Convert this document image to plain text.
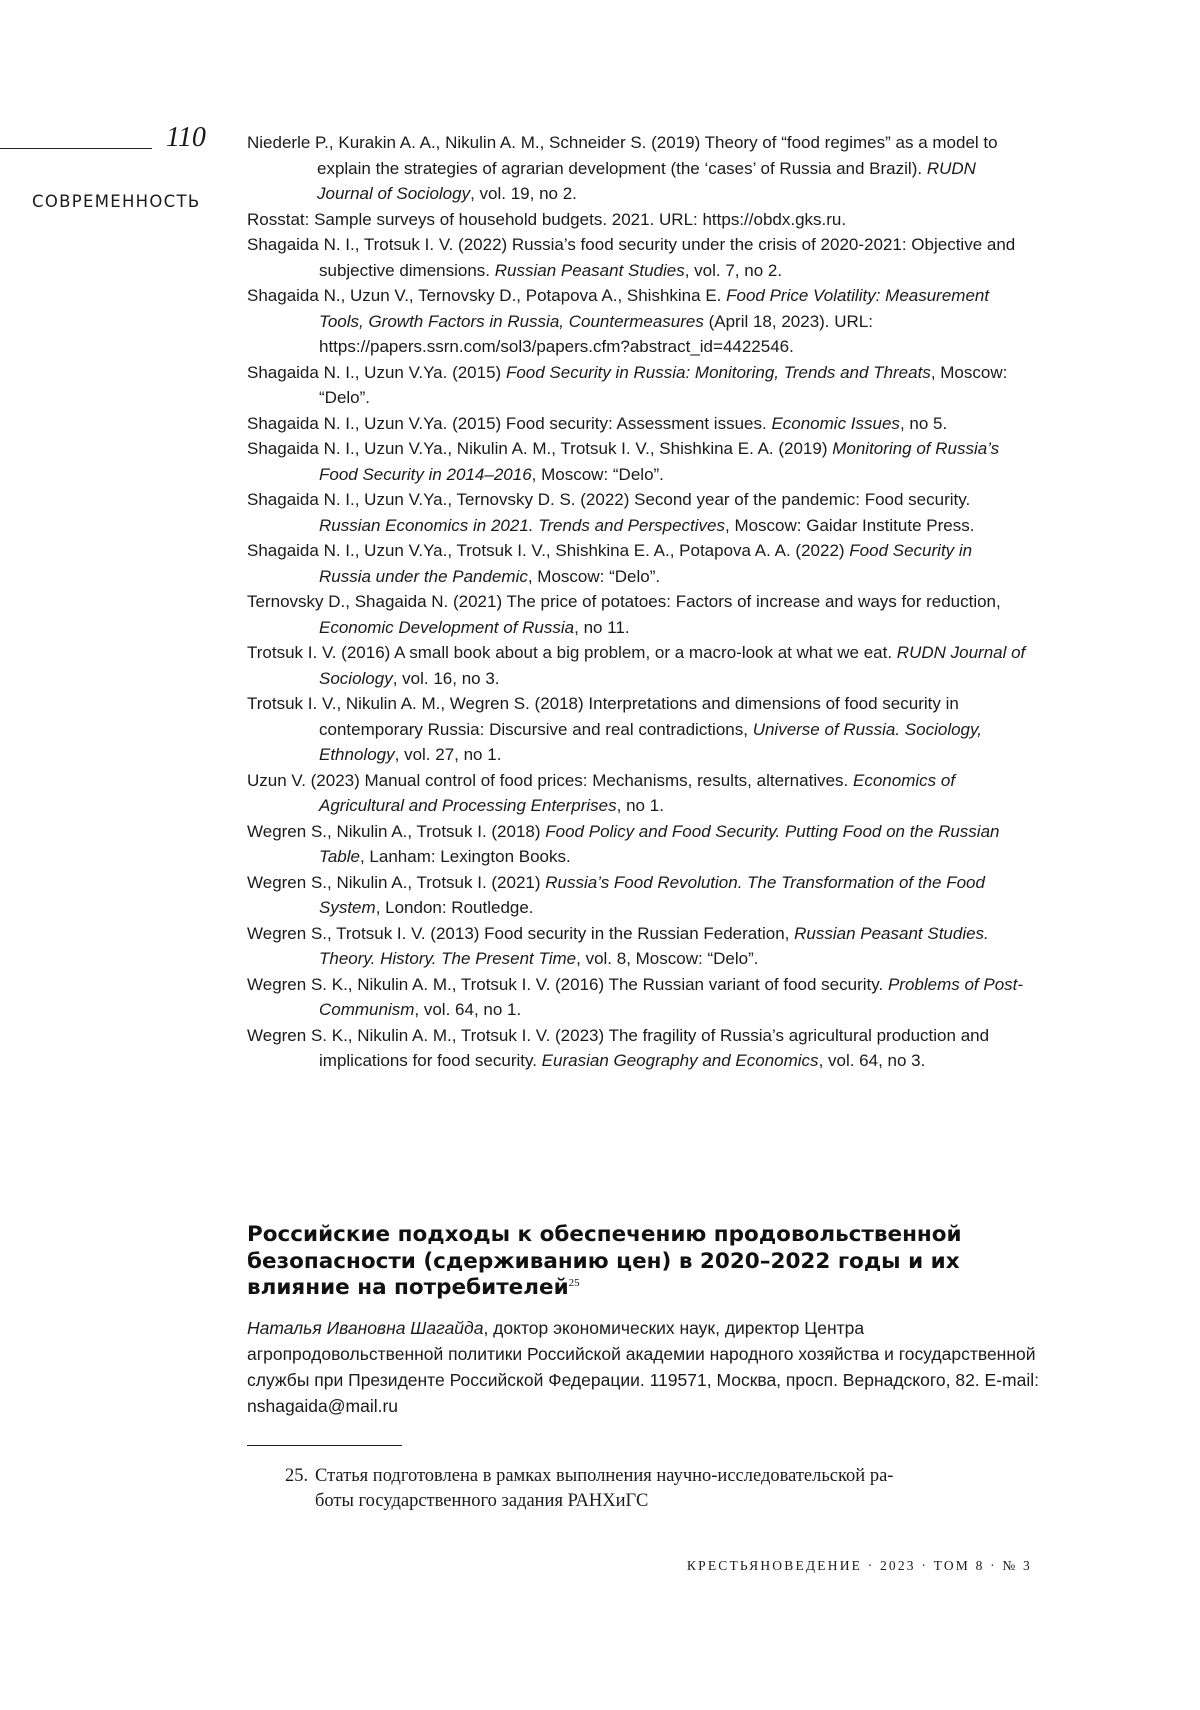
110
СОВРЕМЕННОСТЬ
Niederle P., Kurakin A. A., Nikulin A. M., Schneider S. (2019) Theory of “food regimes” as a model to explain the strategies of agrarian development (the ‘cases’ of Russia and Brazil). RUDN Journal of Sociology, vol. 19, no 2.
Rosstat: Sample surveys of household budgets. 2021. URL: https://obdx.gks.ru.
Shagaida N. I., Trotsuk I. V. (2022) Russia’s food security under the crisis of 2020-2021: Objective and subjective dimensions. Russian Peasant Studies, vol. 7, no 2.
Shagaida N., Uzun V., Ternovsky D., Potapova A., Shishkina E. Food Price Volatility: Measurement Tools, Growth Factors in Russia, Countermeasures (April 18, 2023). URL: https://papers.ssrn.com/sol3/papers.cfm?abstract_id=4422546.
Shagaida N. I., Uzun V.Ya. (2015) Food Security in Russia: Monitoring, Trends and Threats, Moscow: “Delo”.
Shagaida N. I., Uzun V.Ya. (2015) Food security: Assessment issues. Economic Issues, no 5.
Shagaida N. I., Uzun V.Ya., Nikulin A. M., Trotsuk I. V., Shishkina E. A. (2019) Monitoring of Russia’s Food Security in 2014–2016, Moscow: “Delo”.
Shagaida N. I., Uzun V.Ya., Ternovsky D. S. (2022) Second year of the pandemic: Food security. Russian Economics in 2021. Trends and Perspectives, Moscow: Gaidar Institute Press.
Shagaida N. I., Uzun V.Ya., Trotsuk I. V., Shishkina E. A., Potapova A. A. (2022) Food Security in Russia under the Pandemic, Moscow: “Delo”.
Ternovsky D., Shagaida N. (2021) The price of potatoes: Factors of increase and ways for reduction, Economic Development of Russia, no 11.
Trotsuk I. V. (2016) A small book about a big problem, or a macro-look at what we eat. RUDN Journal of Sociology, vol. 16, no 3.
Trotsuk I. V., Nikulin A. M., Wegren S. (2018) Interpretations and dimensions of food security in contemporary Russia: Discursive and real contradictions, Universe of Russia. Sociology, Ethnology, vol. 27, no 1.
Uzun V. (2023) Manual control of food prices: Mechanisms, results, alternatives. Economics of Agricultural and Processing Enterprises, no 1.
Wegren S., Nikulin A., Trotsuk I. (2018) Food Policy and Food Security. Putting Food on the Russian Table, Lanham: Lexington Books.
Wegren S., Nikulin A., Trotsuk I. (2021) Russia’s Food Revolution. The Transformation of the Food System, London: Routledge.
Wegren S., Trotsuk I. V. (2013) Food security in the Russian Federation, Russian Peasant Studies. Theory. History. The Present Time, vol. 8, Moscow: “Delo”.
Wegren S. K., Nikulin A. M., Trotsuk I. V. (2016) The Russian variant of food security. Problems of Post-Communism, vol. 64, no 1.
Wegren S. K., Nikulin A. M., Trotsuk I. V. (2023) The fragility of Russia’s agricultural production and implications for food security. Eurasian Geography and Economics, vol. 64, no 3.
Российские подходы к обеспечению продовольственной безопасности (сдерживанию цен) в 2020–2022 годы и их влияние на потребителей$^{25}$
Наталья Ивановна Шагайда, доктор экономических наук, директор Центра агропродовольственной политики Российской академии народного хозяйства и государственной службы при Президенте Российской Федерации. 119571, Москва, просп. Вернадского, 82. E-mail: nshagaida@mail.ru
25. Статья подготовлена в рамках выполнения научно-исследовательской ра-
боты государственного задания РАНХиГС
КРЕСТЬЯНОВЕДЕНИЕ · 2023 · ТОМ 8 · № 3
